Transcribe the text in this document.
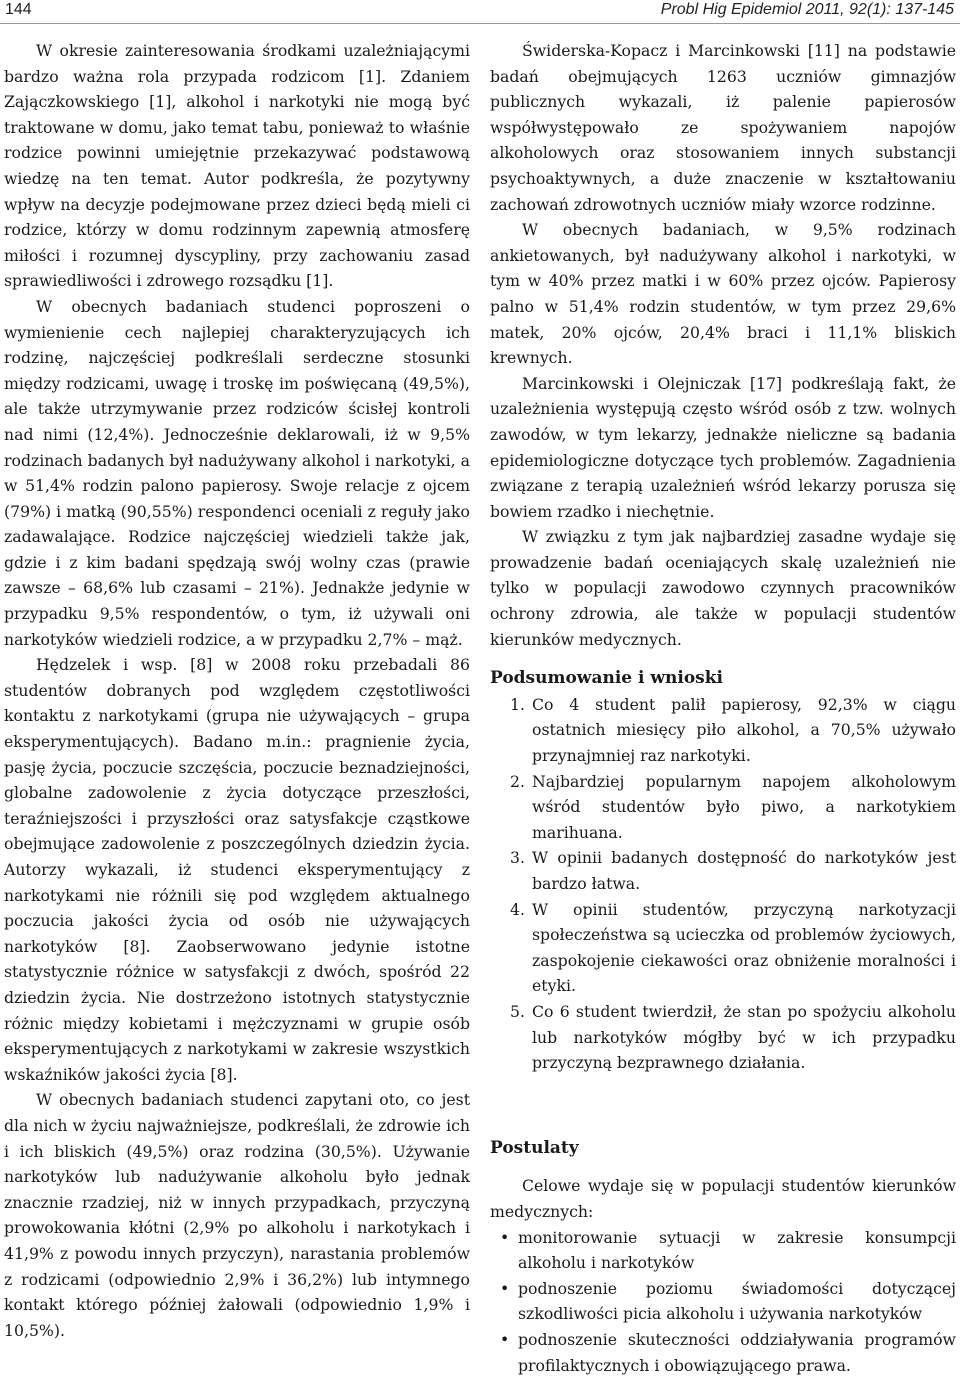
144	Probl Hig Epidemiol 2011, 92(1): 137-145

W okresie zainteresowania środkami uzależniającymi bardzo ważna rola przypada rodzicom [1]. Zdaniem Zajączkowskiego [1], alkohol i narkotyki nie mogą być traktowane w domu, jako temat tabu, ponieważ to właśnie rodzice powinni umiejętnie przekazywać podstawową wiedzę na ten temat. Autor podkreśla, że pozytywny wpływ na decyzje podejmowane przez dzieci będą mieli ci rodzice, którzy w domu rodzinnym zapewnią atmosferę miłości i rozumnej dyscypliny, przy zachowaniu zasad sprawiedliwości i zdrowego rozsądku [1].

W obecnych badaniach studenci poproszeni o wymienienie cech najlepiej charakteryzujących ich rodzinę, najczęściej podkreślali serdeczne stosunki między rodzicami, uwagę i troskę im poświęcaną (49,5%), ale także utrzymywanie przez rodziców ścisłej kontroli nad nimi (12,4%). Jednocześnie deklarowali, iż w 9,5% rodzinach badanych był nadużywany alkohol i narkotyki, a w 51,4% rodzin palono papierosy. Swoje relacje z ojcem (79%) i matką (90,55%) respondenci oceniali z reguły jako zadawalające. Rodzice najczęściej wiedzieli także jak, gdzie i z kim badani spędzają swój wolny czas (prawie zawsze – 68,6% lub czasami – 21%). Jednakże jedynie w przypadku 9,5% respondentów, o tym, iż używali oni narkotyków wiedzieli rodzice, a w przypadku 2,7% – mąż.

Hędzelek i wsp. [8] w 2008 roku przebadali 86 studentów dobranych pod względem częstotliwości kontaktu z narkotykami (grupa nie używających – grupa eksperymentujących). Badano m.in.: pragnienie życia, pasję życia, poczucie szczęścia, poczucie beznadziejności, globalne zadowolenie z życia dotyczące przeszłości, teraźniejszości i przyszłości oraz satysfakcje cząstkowe obejmujące zadowolenie z poszczególnych dziedzin życia. Autorzy wykazali, iż studenci eksperymentujący z narkotykami nie różnili się pod względem aktualnego poczucia jakości życia od osób nie używających narkotyków [8]. Zaobserwowano jedynie istotne statystycznie różnice w satysfakcji z dwóch, spośród 22 dziedzin życia. Nie dostrzeżono istotnych statystycznie różnic między kobietami i mężczyznami w grupie osób eksperymentujących z narkotykami w zakresie wszystkich wskaźników jakości życia [8].

W obecnych badaniach studenci zapytani oto, co jest dla nich w życiu najważniejsze, podkreślali, że zdrowie ich i ich bliskich (49,5%) oraz rodzina (30,5%). Używanie narkotyków lub nadużywanie alkoholu było jednak znacznie rzadziej, niż w innych przypadkach, przyczyną prowokowania kłótni (2,9% po alkoholu i narkotykach i 41,9% z powodu innych przyczyn), narastania problemów z rodzicami (odpowiednio 2,9% i 36,2%) lub intymnego kontakt którego później żałowali (odpowiednio 1,9% i 10,5%).

Świderska-Kopacz i Marcinkowski [11] na podstawie badań obejmujących 1263 uczniów gimnazjów publicznych wykazali, iż palenie papierosów współwystępowało ze spożywaniem napojów alkoholowych oraz stosowaniem innych substancji psychoaktywnych, a duże znaczenie w kształtowaniu zachowań zdrowotnych uczniów miały wzorce rodzinne.

W obecnych badaniach, w 9,5% rodzinach ankietowanych, był nadużywany alkohol i narkotyki, w tym w 40% przez matki i w 60% przez ojców. Papierosy palno w 51,4% rodzin studentów, w tym przez 29,6% matek, 20% ojców, 20,4% braci i 11,1% bliskich krewnych.

Marcinkowski i Olejniczak [17] podkreślają fakt, że uzależnienia występują często wśród osób z tzw. wolnych zawodów, w tym lekarzy, jednakże nieliczne są badania epidemiologiczne dotyczące tych problemów. Zagadnienia związane z terapią uzależnień wśród lekarzy porusza się bowiem rzadko i niechętnie.

W związku z tym jak najbardziej zasadne wydaje się prowadzenie badań oceniających skalę uzależnień nie tylko w populacji zawodowo czynnych pracowników ochrony zdrowia, ale także w populacji studentów kierunków medycznych.

Podsumowanie i wnioski
1. Co 4 student palił papierosy, 92,3% w ciągu ostatnich miesięcy piło alkohol, a 70,5% używało przynajmniej raz narkotyki.
2. Najbardziej popularnym napojem alkoholowym wśród studentów było piwo, a narkotykiem marihuana.
3. W opinii badanych dostępność do narkotyków jest bardzo łatwa.
4. W opinii studentów, przyczyną narkotyzacji społeczeństwa są ucieczka od problemów życiowych, zaspokojenie ciekawości oraz obniżenie moralności i etyki.
5. Co 6 student twierdził, że stan po spożyciu alkoholu lub narkotyków mógłby być w ich przypadku przyczyną bezprawnego działania.
Postulaty

Celowe wydaje się w populacji studentów kierunków medycznych:

• monitorowanie sytuacji w zakresie konsumpcji alkoholu i narkotyków
• podnoszenie poziomu świadomości dotyczącej szkodliwości picia alkoholu i używania narkotyków
• podnoszenie skuteczności oddziaływania programów profilaktycznych i obowiązującego prawa.
